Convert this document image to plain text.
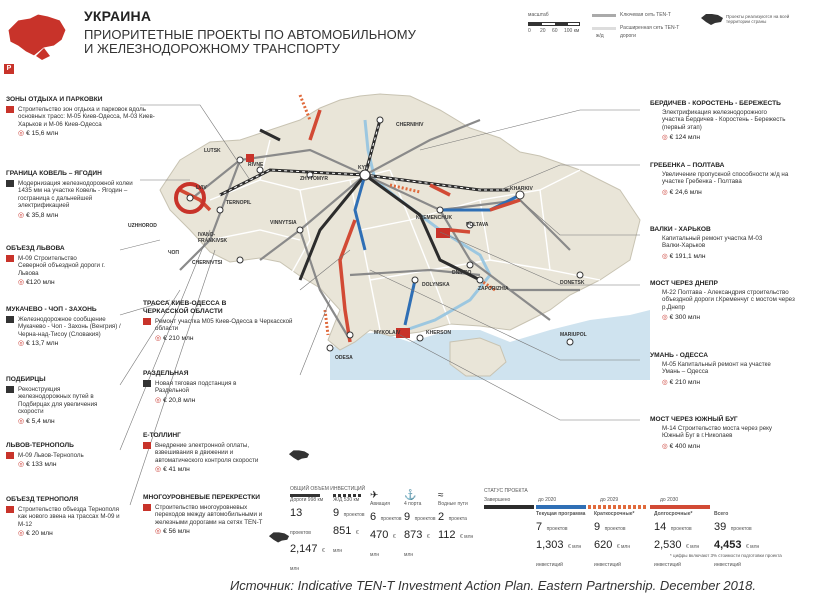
P
УКРАИНА
ПРИОРИТЕТНЫЕ ПРОЕКТЫ ПО АВТОМОБИЛЬНОМУ
И ЖЕЛЕЗНОДОРОЖНОМУ ТРАНСПОРТУ
масштаб
0 20 60 100 км
Kлючевая сеть TEN-T
Расширенная сеть TEN-T
ж/д	дороги
Проекты реализуются на всей территории страны
CHERNIHIV
LUTSK
RIVNE	KYIV
LVIV
TERNOPIL
ZHYTOMYR
UZHHOROD
IVANO-FRANKIVSK
VINNYTSIA
CHERNIVTSI
KHARKIV
KREMENCHUK
POLTAVA
DNIPRO
DONETSK
DOLYNSKA
ZAPORIZHIA
MYKOLAIV	KHERSON	MARIUPOL
ODESA
ЧОП
ЗОНЫ ОТДЫХА И ПАРКОВКИ
Строительство зон отдыха и парковок вдоль основных трасс: М-05 Киев-Одесса, М-03 Киев-Харьков и М-06 Киев-Одесса
◎ € 15,6 млн
ГРАНИЦА КОВЕЛЬ – ЯГОДИН
Модернизация железнодорожной колеи 1435 мм на участке Ковель - Ягодин – госграница с дальнейшей электрификацией
◎ € 35,8 млн
ОБЪЕЗД ЛЬВОВА
М-09 Строительство Северной объездной дороги г. Львова
◎ €120 млн
МУКАЧЕВО - ЧОП - ЗАХОНЬ
Железнодорожное сообщение Мукачево - Чоп - Захонь (Венгрия) / Черна-над-Тисоу (Словакия)
◎ € 13,7 млн
ПОДБИРЦЫ
Реконструкция железнодорожных путей в Подбирцах для увеличения скорости
◎ € 5,4 млн
ЛЬВОВ-ТЕРНОПОЛЬ
М-09 Львов-Тернополь
◎ € 133 млн
ОБЪЕЗД ТЕРНОПОЛЯ
Строительство объезда Тернополя как нового звена на трассах М-09 и М-12
◎ € 20 млн
ТРАССА КИЕВ-ОДЕССА В ЧЕРКАССКОЙ ОБЛАСТИ
Ремонт участка М05 Киев-Одесса в Черкасской области
◎ € 210 млн
РАЗДЕЛЬНАЯ
Новая тяговая подстанция в Раздельной
◎ € 20,8 млн
Е-ТОЛЛИНГ
Внедрение электронной оплаты, взвешивания в движении и автоматического контроля скорости
◎ € 41 млн
МНОГОУРОВНЕВЫЕ ПЕРЕКРЕСТКИ
Строительство многоуровневых переходов между автомобильными и железными дорогами на сетях TEN-T
◎ € 56 млн
БЕРДИЧЕВ - КОРОСТЕНЬ - БЕРЕЖЕСТЬ
Электрификация железнодорожного участка Бердичев - Коростень - Бережесть (первый этап)
◎ € 124 млн
ГРЕБЕНКА – ПОЛТАВА
Увеличение пропускной способности ж/д на участке Гребенка - Полтава
◎ € 24,6 млн
ВАЛКИ - ХАРЬКОВ
Капитальный ремонт участка М-03 Валки-Харьков
◎ € 191,1 млн
МОСТ ЧЕРЕЗ ДНЕПР
М-22 Полтава - Александрия строительство объездной дороги г.Кременчуг с мостом через р.Днепр
◎ € 300 млн
УМАНЬ - ОДЕССА
М-05 Капитальный ремонт на участке Умань – Одесса
◎ € 210 млн
МОСТ ЧЕРЕЗ ЮЖНЫЙ БУГ
М-14 Строительство моста через реку Южный Буг в г.Николаев
◎ € 400 млн
ОБЩИЙ ОБЪЕМ ИНВЕСТИЦИЙ
Дороги 998 км
13 проектов
2,147 € млн
Ж/Д 530 км
9 проектов
851 € млн
✈
Авиация
6 проектов
470 € млн
⚓
4 порта
9 проектов
873 € млн
≈
Водные пути
2 проекта
112 € млн
СТАТУС ПРОЕКТА
Завершено	до 2020	до 2029	до 2030
Текущая программа
7 проектов
1,303 € млн инвестиций
Краткосрочные*
9 проектов
620 € млн инвестиций
Долгосрочные*
14 проектов
2,530 € млн инвестиций
Всего
39 проектов
4,453 € млн инвестиций
* цифры включают 3% стоимости подготовки проекта
Источник: Indicative TEN-T Investment Action Plan. Eastern Partnership. December 2018.
